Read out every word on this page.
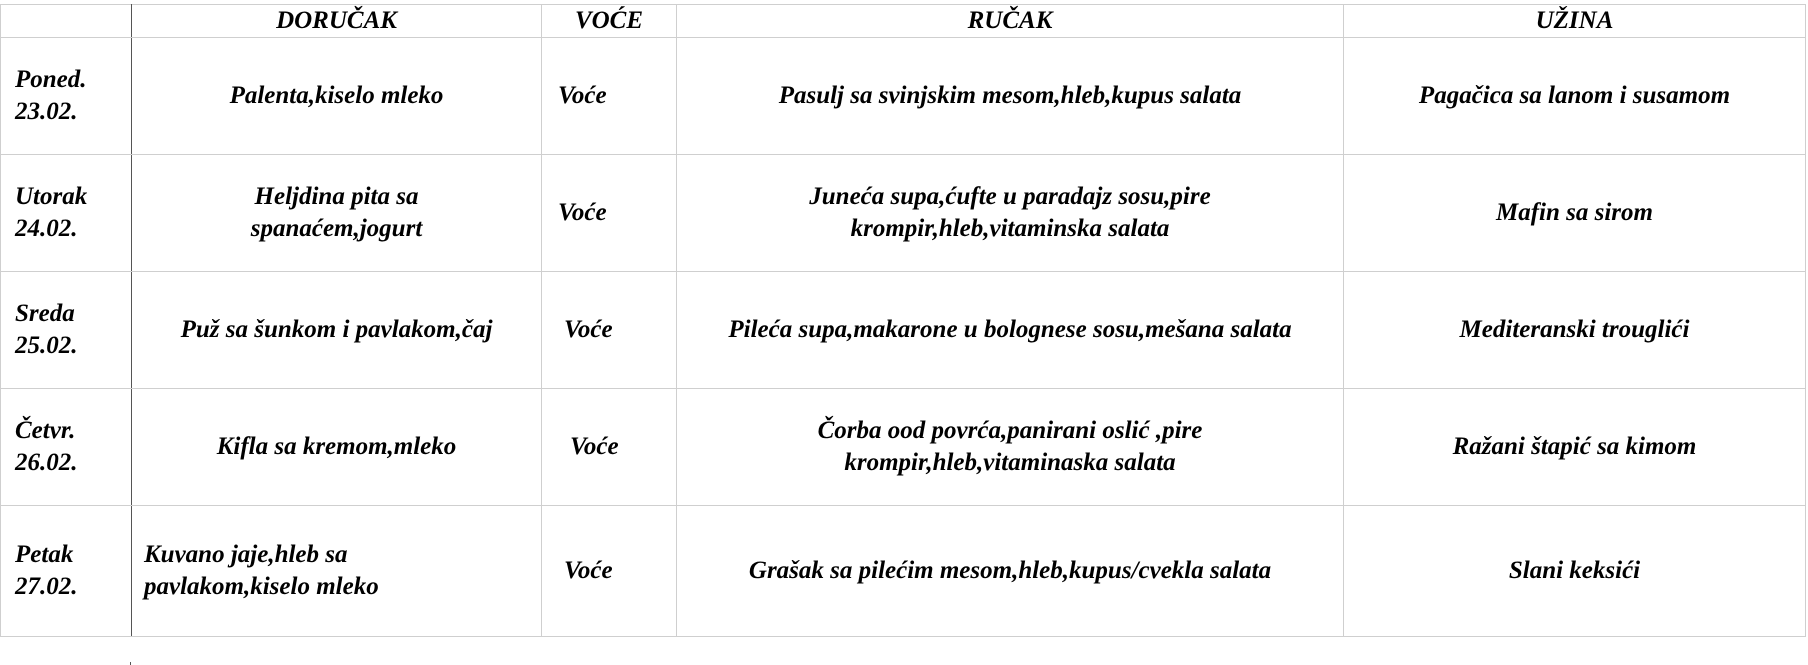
	DORUČAK	VOĆE	RUČAK	UŽINA

Poned.
23.02.	Palenta,kiselo mleko	Voće	Pasulj sa svinjskim mesom,hleb,kupus salata	Pagačica sa lanom i susamom

Utorak
24.02.	Heljdina pita sa spanaćem,jogurt	Voće	Juneća supa,ćufte u paradajz sosu,pire krompir,hleb,vitaminska salata	Mafin sa sirom

Sreda
25.02.	Puž sa šunkom i pavlakom,čaj	Voće	Pileća supa,makarone u bolognese sosu,mešana salata	Mediteranski trouglići

Četvr.
26.02.	Kifla sa kremom,mleko	Voće	Čorba ood povrća,panirani oslić ,pire krompir,hleb,vitaminaska salata	Ražani štapić sa kimom

Petak
27.02.	Kuvano jaje,hleb sa pavlakom,kiselo mleko	Voće	Grašak sa pilećim mesom,hleb,kupus/cvekla salata	Slani keksići
